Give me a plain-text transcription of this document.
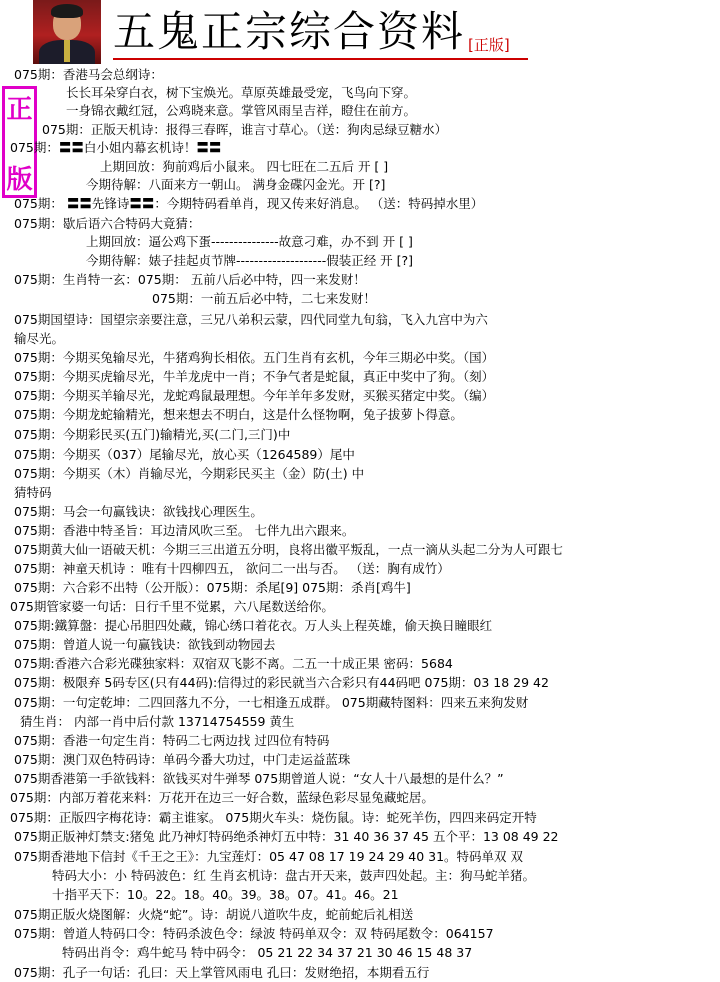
五鬼正宗综合资料 [正版]
正
版
075期：香港马会总纲诗：
长长耳朵穿白衣，树下宝焕光。草原英雄最受宠，飞鸟向下穿。
一身锦衣戴红冠，公鸡晓来意。掌管风雨呈吉祥，瞪住在前方。
075期：正版天机诗：报得三春晖，谁言寸草心。（送：狗肉忌绿豆糖水）
075期：〓〓白小姐内幕玄机诗！〓〓
上期回放：狗前鸡后小鼠来。 四七旺在二五后 开 [ ]
今期待解：八面来方一朝山。 满身金碟闪金光。开 [?]
075期： 〓〓先锋诗〓〓：今期特码看单肖，现又传来好消息。 （送：特码掉水里）
075期：歇后语六合特码大竟猜：
上期回放：逼公鸡下蛋---------------故意刁难，办不到 开 [ ]
今期待解：婊子挂起贞节牌--------------------假装正经 开 [?]
075期：生肖特一玄：075期： 五前八后必中特，四一来发财！
075期：一前五后必中特，二七来发财！
075期国望诗：国望宗亲要注意，三兄八弟积云蒙，四代同堂九旬翁，飞入九宫中为六
输尽光。
075期：今期买兔输尽光，牛猪鸡狗长相依。五门生肖有玄机，今年三期必中奖。（国）
075期：今期买虎输尽光，牛羊龙虎中一肖；不争气者是蛇鼠，真正中奖中了狗。（刻）
075期：今期买羊输尽光，龙蛇鸡鼠最理想。今年羊年多发财，买猴买猪定中奖。（编）
075期：今期龙蛇输精光，想来想去不明白，这是什么怪物啊，兔子拔萝卜得意。
075期：今期彩民买(五门)输精光,买(二门,三门)中
075期：今期买（037）尾输尽光，放心买（1264589）尾中
075期：今期买（木）肖输尽光，今期彩民买主（金）防(土) 中
猜特码
075期：马会一句赢钱诀：欲钱找心理医生。
075期：香港中特圣旨：耳边清风吹三至。 七伴九出六跟来。
075期黄大仙一语破天机：今期三三出道五分明，良将出徽平叛乱，一点一滴从头起二分为人可跟七
075期：神童天机诗 ：唯有十四柳四五， 欲问二一出与否。 （送：胸有成竹）
075期：六合彩不出特（公开版）：075期：杀尾[9] 075期：杀肖[鸡牛]
075期管家婆一句话：日行千里不觉累，六八尾数送给你。
075期:鐵算盤：提心吊胆四处藏，锦心绣口着花衣。万人头上程英雄，偷天换日瞳眼红
075期：曾道人说一句赢钱诀：欲钱到动物园去
075期:香港六合彩光碟独家料：双宿双飞影不离。二五一十成正果 密码：5684
075期：极限弃 5码专区(只有44码):信得过的彩民就当六合彩只有44码吧 075期：03 18 29 42
075期：一句定乾坤：二四回落九不分，一七相逢五成群。 075期藏特图料：四来五来狗发财
猜生肖： 内部一肖中后付款 13714754559 黄生
075期：香港一句定生肖：特码二七两边找 过四位有特码
075期：澳门双色特码诗：单码今番大功过，中门走运益蓝珠
075期香港第一手欲钱料：欲钱买对牛弹琴 075期曾道人说：“女人十八最想的是什么？”
075期：内部万着花来料：万花开在边三一好合数，蓝绿色彩尽显兔藏蛇居。
075期：正版四字梅花诗：霸主谁家。 075期火车头：烧伤鼠。诗：蛇死羊伤，四四来码定开特
075期正版神灯禁支:猪兔 此乃神灯特码绝杀神灯五中特：31 40 36 37 45 五个平：13 08 49 22
075期香港地下信封《千王之王》：九宝莲灯：05 47 08 17 19 24 29 40 31。特码单双 双
特码大小：小 特码波色：红 生肖玄机诗：盘古开天来，鼓声四处起。主：狗马蛇羊猪。
十指平天下：10。22。18。40。39。38。07。41。46。21
075期正版火烧图解：火烧“蛇”。诗：胡说八道吹牛皮，蛇前蛇后礼相送
075期：曾道人特码口令：特码杀波色令：绿波 特码单双令：双 特码尾数令：064157
特码出肖令：鸡牛蛇马 特中码令： 05 21 22 34 37 21 30 46 15 48 37
075期：孔子一句话：孔曰：天上掌管风雨电 孔曰：发财绝招，本期看五行
